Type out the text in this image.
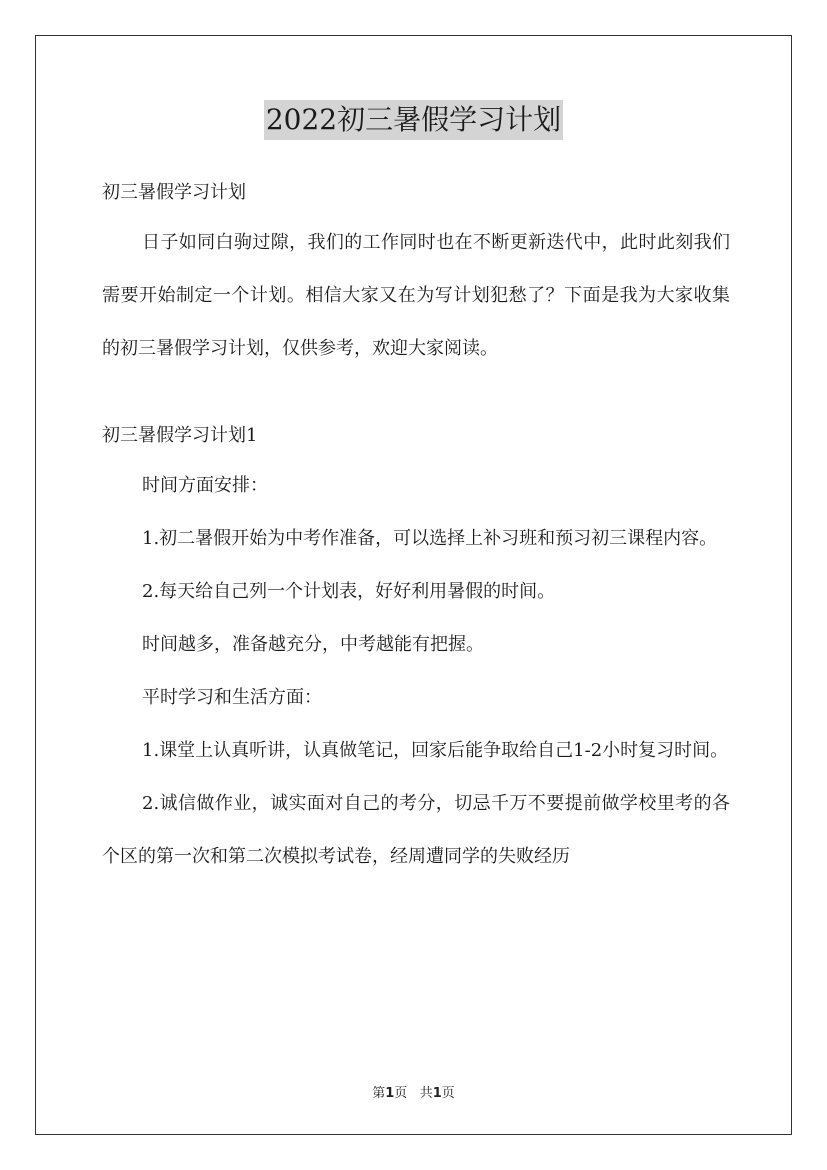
2022初三暑假学习计划

初三暑假学习计划

日子如同白驹过隙，我们的工作同时也在不断更新迭代中，此时此刻我们需要开始制定一个计划。相信大家又在为写计划犯愁了？下面是我为大家收集的初三暑假学习计划，仅供参考，欢迎大家阅读。

初三暑假学习计划1

时间方面安排：

1.初二暑假开始为中考作准备，可以选择上补习班和预习初三课程内容。

2.每天给自己列一个计划表，好好利用暑假的时间。

时间越多，准备越充分，中考越能有把握。

平时学习和生活方面：

1.课堂上认真听讲，认真做笔记，回家后能争取给自己1-2小时复习时间。

2.诚信做作业，诚实面对自己的考分，切忌千万不要提前做学校里考的各个区的第一次和第二次模拟考试卷，经周遭同学的失败经历

第1页 共1页
